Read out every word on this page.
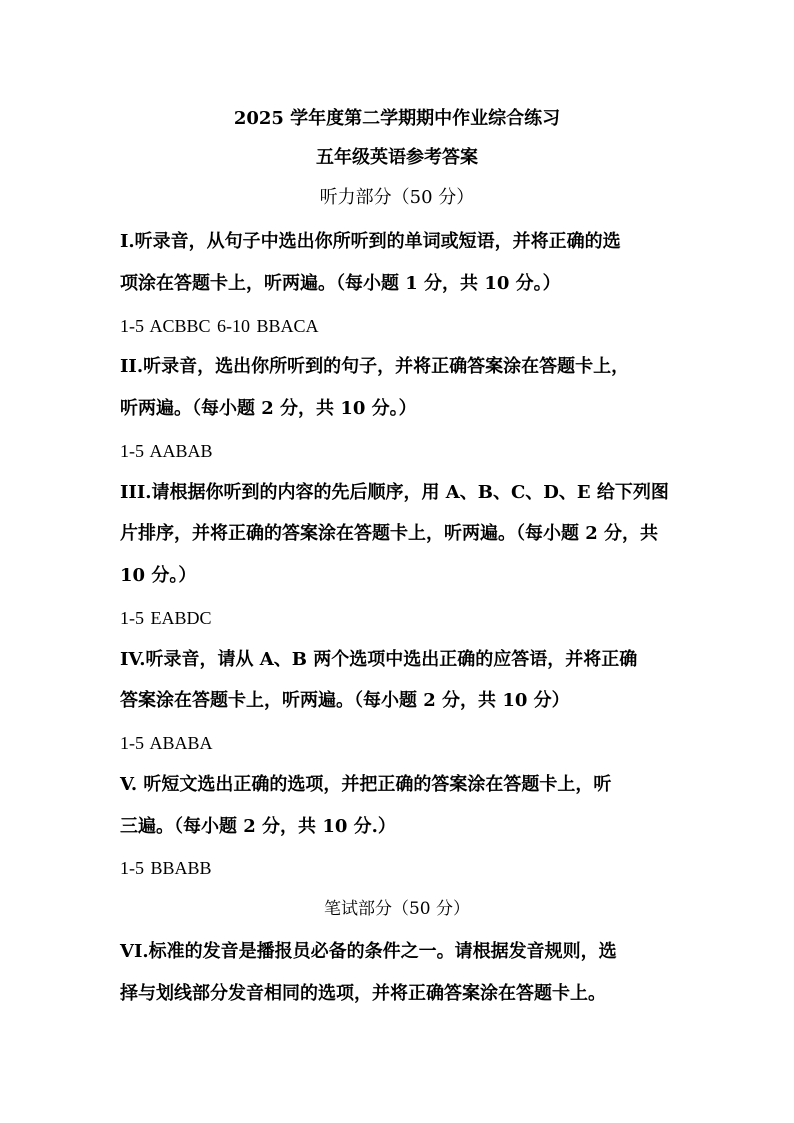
2025 学年度第二学期期中作业综合练习
五年级英语参考答案
听力部分（50 分）
I.听录音，从句子中选出你所听到的单词或短语，并将正确的选
项涂在答题卡上，听两遍。（每小题 1 分，共 10 分。）
1-5 ACBBC 6-10 BBACA
II.听录音，选出你所听到的句子，并将正确答案涂在答题卡上，
听两遍。（每小题 2 分，共 10 分。）
1-5 AABAB
III.请根据你听到的内容的先后顺序，用 A、B、C、D、E 给下列图
片排序，并将正确的答案涂在答题卡上，听两遍。（每小题 2 分，共
10 分。）
1-5 EABDC
IV.听录音，请从 A、B 两个选项中选出正确的应答语，并将正确
答案涂在答题卡上，听两遍。（每小题 2 分，共 10 分）
1-5 ABABA
V. 听短文选出正确的选项，并把正确的答案涂在答题卡上，听
三遍。（每小题 2 分，共 10 分.）
1-5 BBABB
笔试部分（50 分）
VI.标准的发音是播报员必备的条件之一。请根据发音规则，选
择与划线部分发音相同的选项，并将正确答案涂在答题卡上。
